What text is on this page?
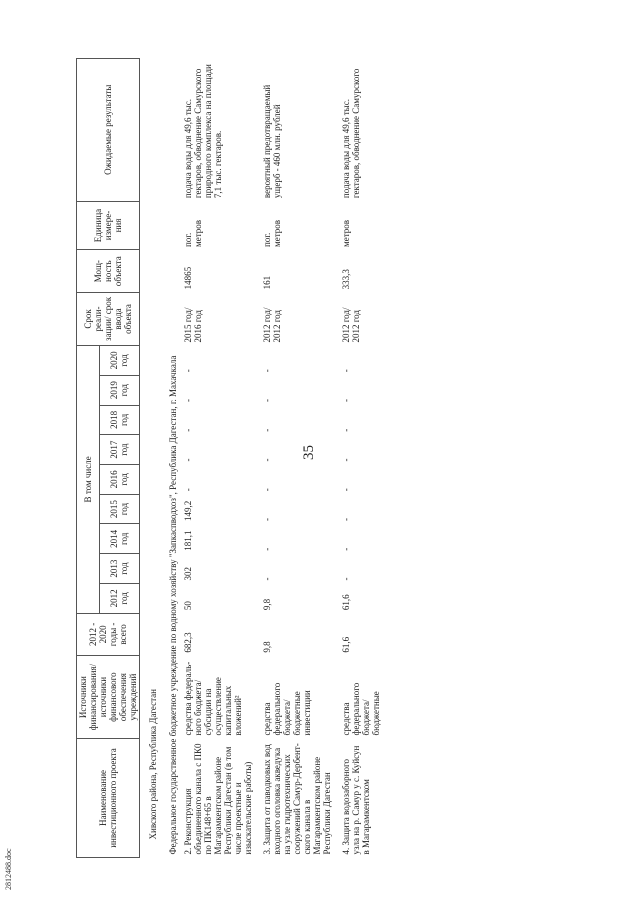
35
2812488.doc
Наименование инвестиционного проекта	Источники финансирования/ источники финансового обеспечения учреждений	2012 - 2020 годы - всего	В том числе									Срок реали- зации/ срок ввода объекта	Мощ- ность объекта	Единица измере- ния	Ожидаемые результаты
			2012 год	2013 год	2014 год	2015 год	2016 год	2017 год	2018 год	2019 год	2020 год				
Хивского района, Республика Дагестан															
Федеральное государственное бюджетное учреждение по водному хозяйству "Запкаспводхоз", Республика Дагестан, г. Махачкала															
2. Реконструкция объединенного канала с ПК0 по ПК148+65 в Магарамкентском районе Республики Дагестан (в том числе проектные и изыскательские работы)	средства федераль- ного бюджета/ субсидии на осуществление капитальных вложений²	682,3	50	302	181,1	149,2	-	-	-	-	-	2015 год/ 2016 год	14865	пог. метров	подача воды для 49,6 тыс. гектаров, обводнение Самурского природного комплекса на площади 7,1 тыс. гектаров.
3. Защита от паводковых вод входного оголовка акведука на узле гидротехнических сооружений Самур-Дербент- ского канала в Магарамкентском районе Республики Дагестан	средства федерального бюджета/ бюджетные инвестиции	9,8	9,8	-	-	-	-	-	-	-	-	2012 год/ 2012 год	161	пог. метров	вероятный предотвращаемый ущерб - 460 млн. рублей
4. Защита водозаборного узла на р. Самур у с. Куйсун в Магарамкентском	средства федерального бюджета/ бюджетные	61,6	61,6	-	-	-	-	-	-	-	-	2012 год/ 2012 год	333,3	метров	подача воды для 49,6 тыс. гектаров, обводнение Самурского
